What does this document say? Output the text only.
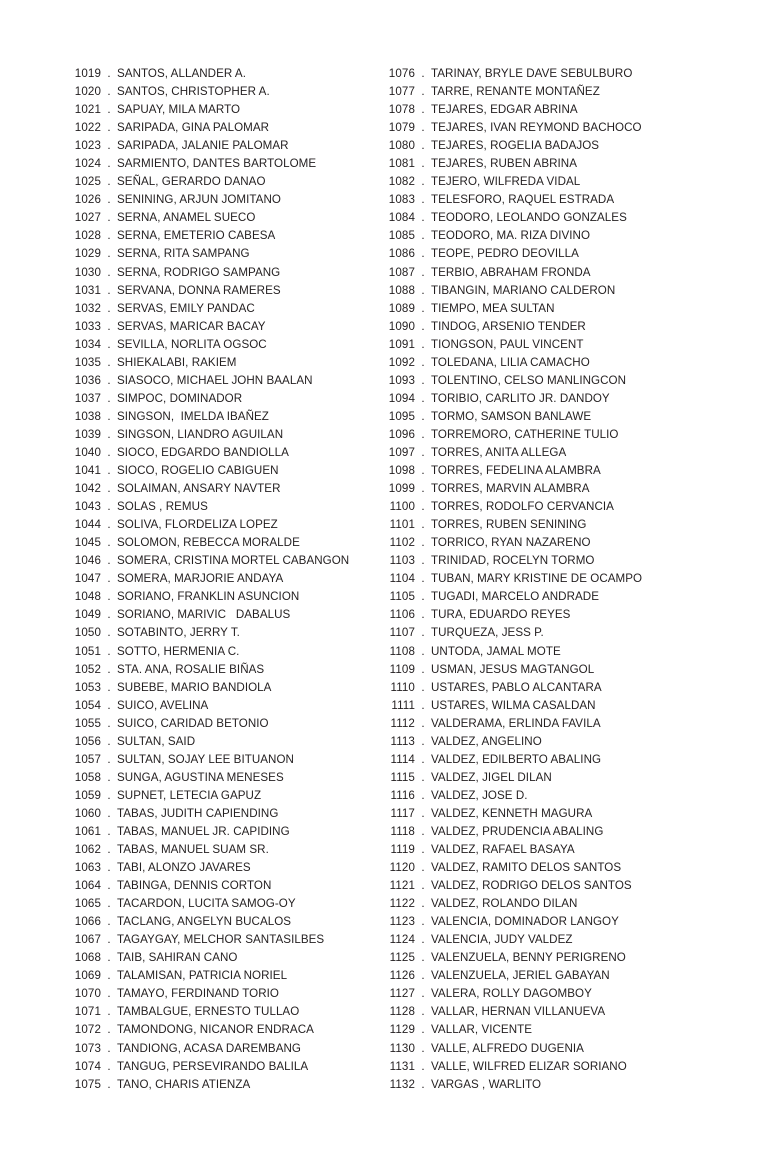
1019 . SANTOS, ALLANDER A.
1020 . SANTOS, CHRISTOPHER A.
1021 . SAPUAY, MILA MARTO
1022 . SARIPADA, GINA PALOMAR
1023 . SARIPADA, JALANIE PALOMAR
1024 . SARMIENTO, DANTES BARTOLOME
1025 . SEÑAL, GERARDO DANAO
1026 . SENINING, ARJUN JOMITANO
1027 . SERNA, ANAMEL SUECO
1028 . SERNA, EMETERIO CABESA
1029 . SERNA, RITA SAMPANG
1030 . SERNA, RODRIGO SAMPANG
1031 . SERVANA, DONNA RAMERES
1032 . SERVAS, EMILY PANDAC
1033 . SERVAS, MARICAR BACAY
1034 . SEVILLA, NORLITA OGSOC
1035 . SHIEKALABI, RAKIEM
1036 . SIASOCO, MICHAEL JOHN BAALAN
1037 . SIMPOC, DOMINADOR
1038 . SINGSON,  IMELDA IBAÑEZ
1039 . SINGSON, LIANDRO AGUILAN
1040 . SIOCO, EDGARDO BANDIOLLA
1041 . SIOCO, ROGELIO CABIGUEN
1042 . SOLAIMAN, ANSARY NAVTER
1043 . SOLAS , REMUS
1044 . SOLIVA, FLORDELIZA LOPEZ
1045 . SOLOMON, REBECCA MORALDE
1046 . SOMERA, CRISTINA MORTEL CABANGON
1047 . SOMERA, MARJORIE ANDAYA
1048 . SORIANO, FRANKLIN ASUNCION
1049 . SORIANO, MARIVIC   DABALUS
1050 . SOTABINTO, JERRY T.
1051 . SOTTO, HERMENIA C.
1052 . STA. ANA, ROSALIE BIÑAS
1053 . SUBEBE, MARIO BANDIOLA
1054 . SUICO, AVELINA
1055 . SUICO, CARIDAD BETONIO
1056 . SULTAN, SAID
1057 . SULTAN, SOJAY LEE BITUANON
1058 . SUNGA, AGUSTINA MENESES
1059 . SUPNET, LETECIA GAPUZ
1060 . TABAS, JUDITH CAPIENDING
1061 . TABAS, MANUEL JR. CAPIDING
1062 . TABAS, MANUEL SUAM SR.
1063 . TABI, ALONZO JAVARES
1064 . TABINGA, DENNIS CORTON
1065 . TACARDON, LUCITA SAMOG-OY
1066 . TACLANG, ANGELYN BUCALOS
1067 . TAGAYGAY, MELCHOR SANTASILBES
1068 . TAIB, SAHIRAN CANO
1069 . TALAMISAN, PATRICIA NORIEL
1070 . TAMAYO, FERDINAND TORIO
1071 . TAMBALGUE, ERNESTO TULLAO
1072 . TAMONDONG, NICANOR ENDRACA
1073 . TANDIONG, ACASA DAREMBANG
1074 . TANGUG, PERSEVIRANDO BALILA
1075 . TANO, CHARIS ATIENZA
1076 . TARINAY, BRYLE DAVE SEBULBURO
1077 . TARRE, RENANTE MONTAÑEZ
1078 . TEJARES, EDGAR ABRINA
1079 . TEJARES, IVAN REYMOND BACHOCO
1080 . TEJARES, ROGELIA BADAJOS
1081 . TEJARES, RUBEN ABRINA
1082 . TEJERO, WILFREDA VIDAL
1083 . TELESFORO, RAQUEL ESTRADA
1084 . TEODORO, LEOLANDO GONZALES
1085 . TEODORO, MA. RIZA DIVINO
1086 . TEOPE, PEDRO DEOVILLA
1087 . TERBIO, ABRAHAM FRONDA
1088 . TIBANGIN, MARIANO CALDERON
1089 . TIEMPO, MEA SULTAN
1090 . TINDOG, ARSENIO TENDER
1091 . TIONGSON, PAUL VINCENT
1092 . TOLEDANA, LILIA CAMACHO
1093 . TOLENTINO, CELSO MANLINGCON
1094 . TORIBIO, CARLITO JR. DANDOY
1095 . TORMO, SAMSON BANLAWE
1096 . TORREMORO, CATHERINE TULIO
1097 . TORRES, ANITA ALLEGA
1098 . TORRES, FEDELINA ALAMBRA
1099 . TORRES, MARVIN ALAMBRA
1100 . TORRES, RODOLFO CERVANCIA
1101 . TORRES, RUBEN SENINING
1102 . TORRICO, RYAN NAZARENO
1103 . TRINIDAD, ROCELYN TORMO
1104 . TUBAN, MARY KRISTINE DE OCAMPO
1105 . TUGADI, MARCELO ANDRADE
1106 . TURA, EDUARDO REYES
1107 . TURQUEZA, JESS P.
1108 . UNTODA, JAMAL MOTE
1109 . USMAN, JESUS MAGTANGOL
1110 . USTARES, PABLO ALCANTARA
1111 . USTARES, WILMA CASALDAN
1112 . VALDERAMA, ERLINDA FAVILA
1113 . VALDEZ, ANGELINO
1114 . VALDEZ, EDILBERTO ABALING
1115 . VALDEZ, JIGEL DILAN
1116 . VALDEZ, JOSE D.
1117 . VALDEZ, KENNETH MAGURA
1118 . VALDEZ, PRUDENCIA ABALING
1119 . VALDEZ, RAFAEL BASAYA
1120 . VALDEZ, RAMITO DELOS SANTOS
1121 . VALDEZ, RODRIGO DELOS SANTOS
1122 . VALDEZ, ROLANDO DILAN
1123 . VALENCIA, DOMINADOR LANGOY
1124 . VALENCIA, JUDY VALDEZ
1125 . VALENZUELA, BENNY PERIGRENO
1126 . VALENZUELA, JERIEL GABAYAN
1127 . VALERA, ROLLY DAGOMBOY
1128 . VALLAR, HERNAN VILLANUEVA
1129 . VALLAR, VICENTE
1130 . VALLE, ALFREDO DUGENIA
1131 . VALLE, WILFRED ELIZAR SORIANO
1132 . VARGAS , WARLITO
